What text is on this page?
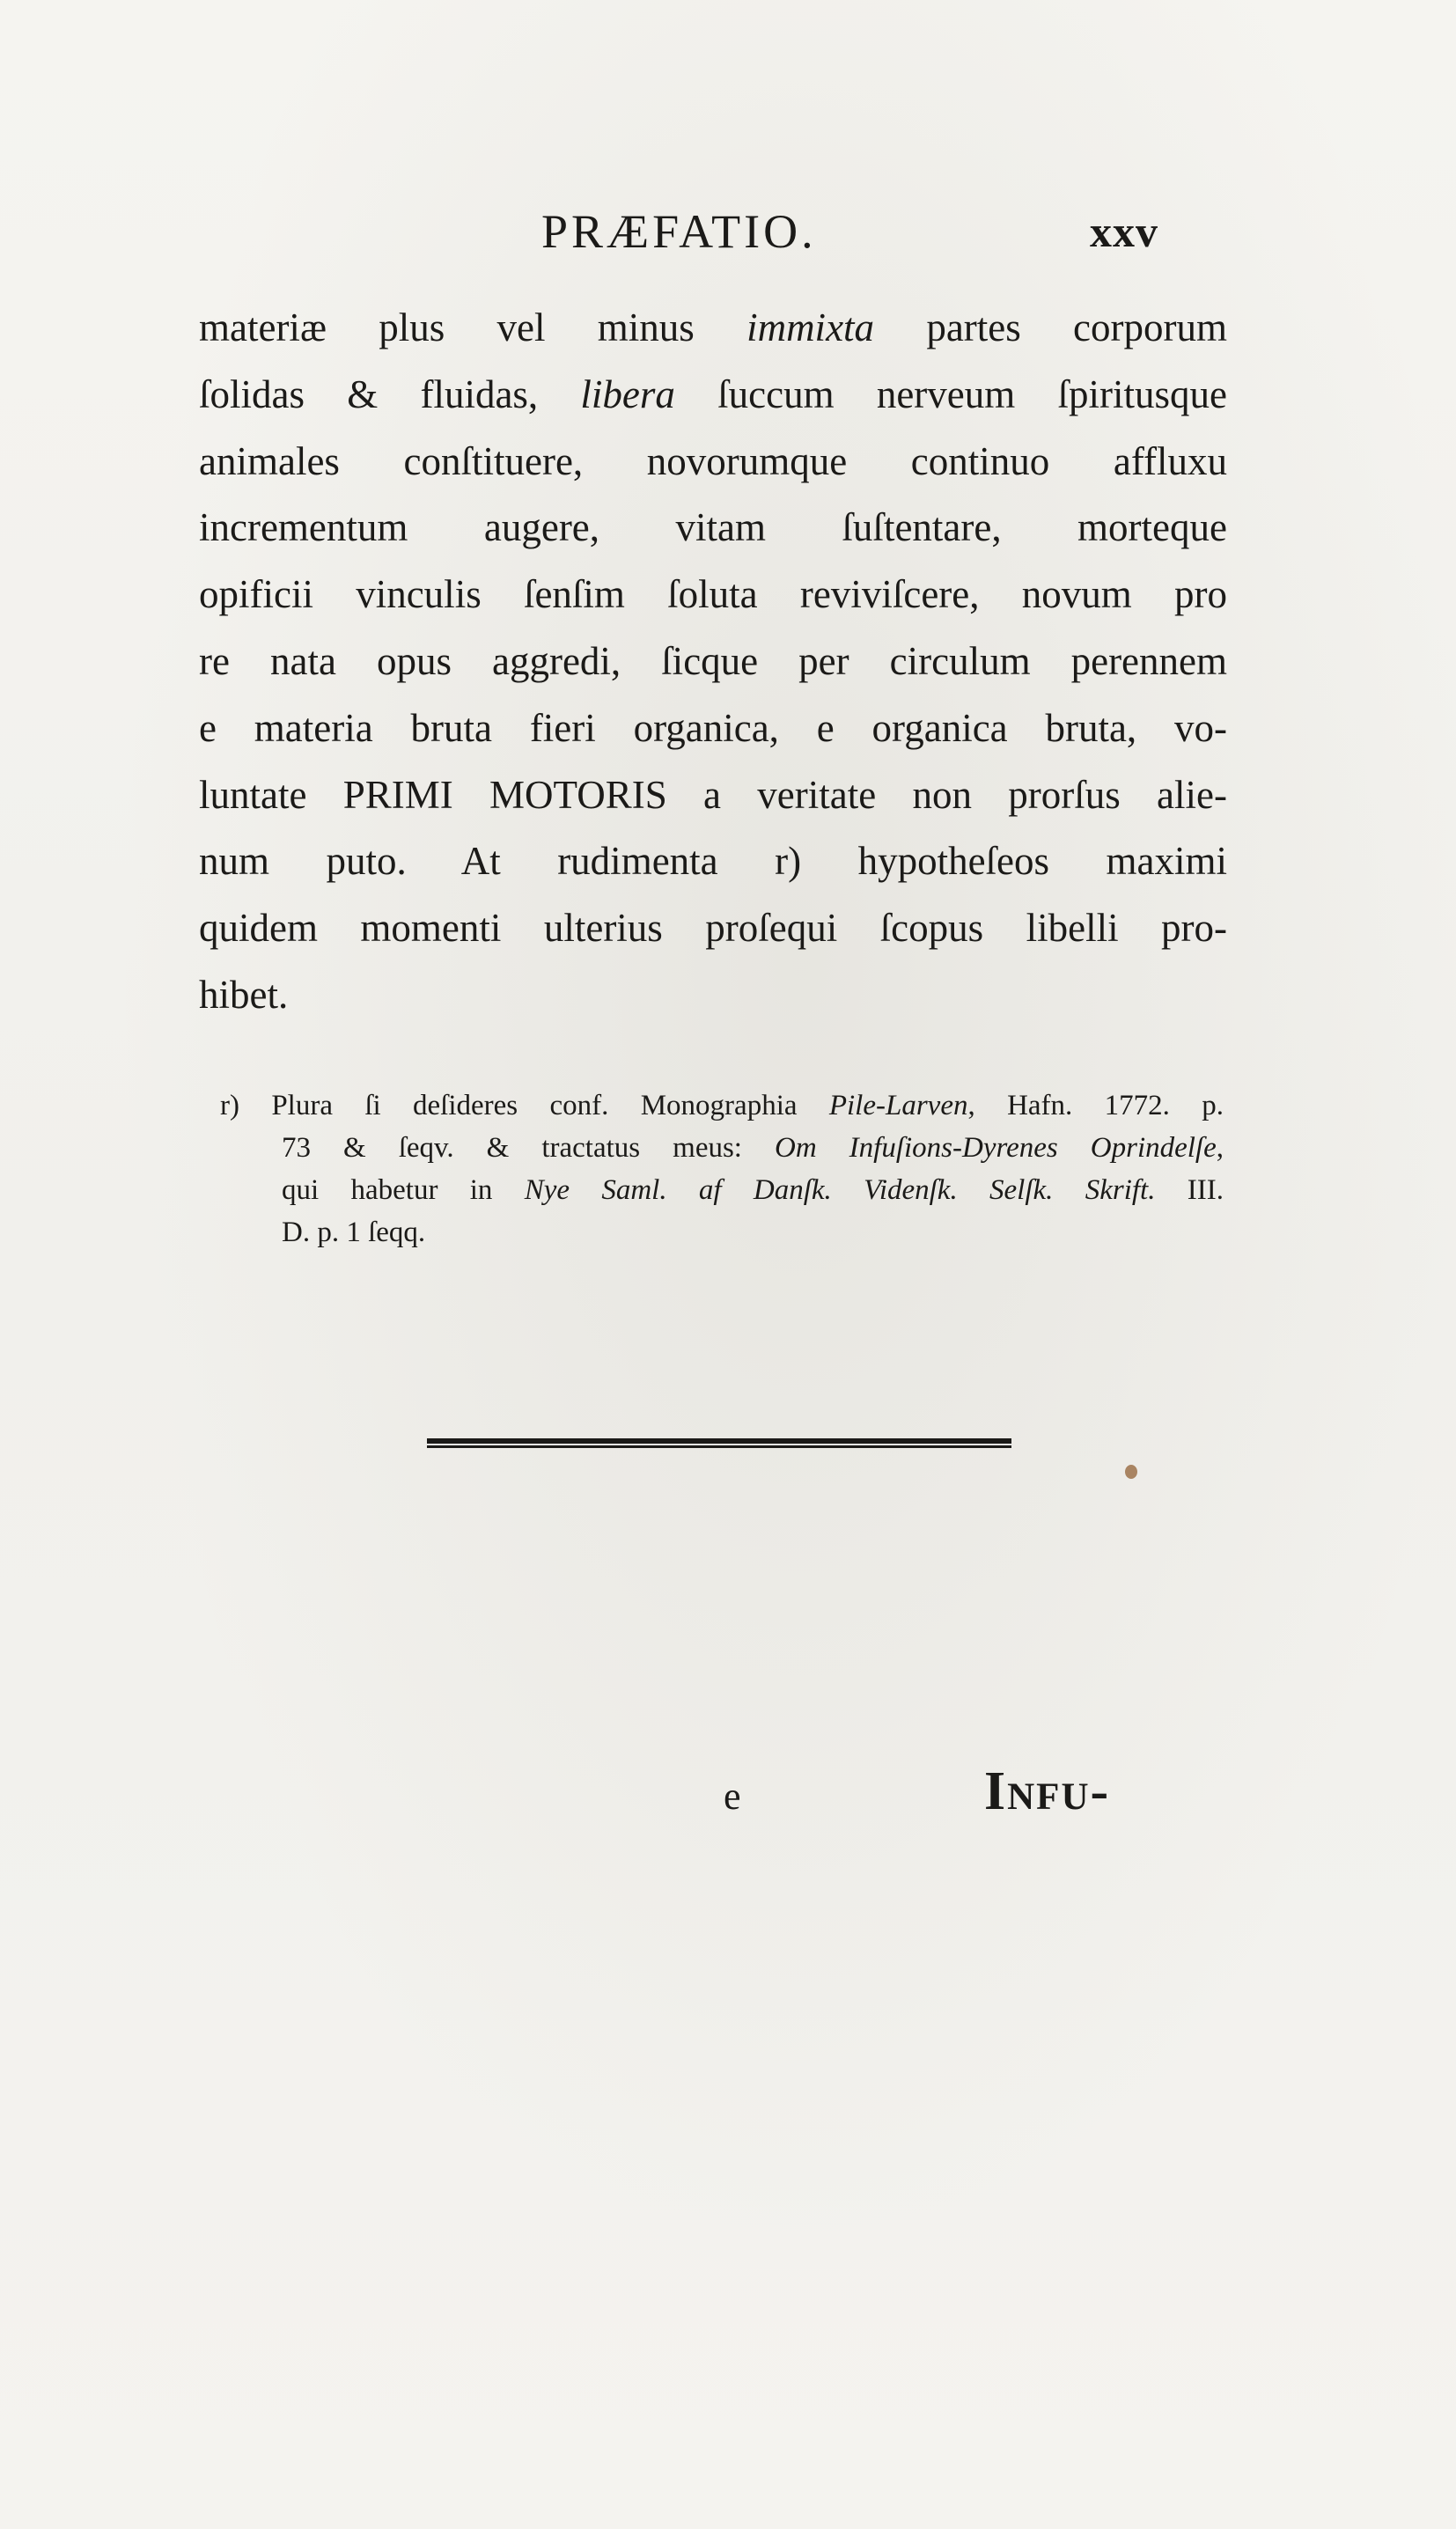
PRÆFATIO.	xxv
materiæ plus vel minus immixta partes corporum
ſolidas & fluidas, libera ſuccum nerveum ſpiritusque
animales conſtituere, novorumque continuo affluxu
incrementum augere, vitam ſuſtentare, morteque
opificii vinculis ſenſim ſoluta reviviſcere, novum pro
re nata opus aggredi, ſicque per circulum perennem
e materia bruta fieri organica, e organica bruta, vo-
luntate PRIMI MOTORIS a veritate non prorſus alie-
num puto. At rudimenta r) hypotheſeos maximi
quidem momenti ulterius proſequi ſcopus libelli pro-
hibet.
r) Plura ſi deſideres conf. Monographia Pile-Larven, Hafn. 1772. p.
73 & ſeqv. & tractatus meus: Om Infuſions-Dyrenes Oprindelſe,
qui habetur in Nye Saml. af Danſk. Videnſk. Selſk. Skrift. III.
D. p. 1 ſeqq.
e	Infu-
